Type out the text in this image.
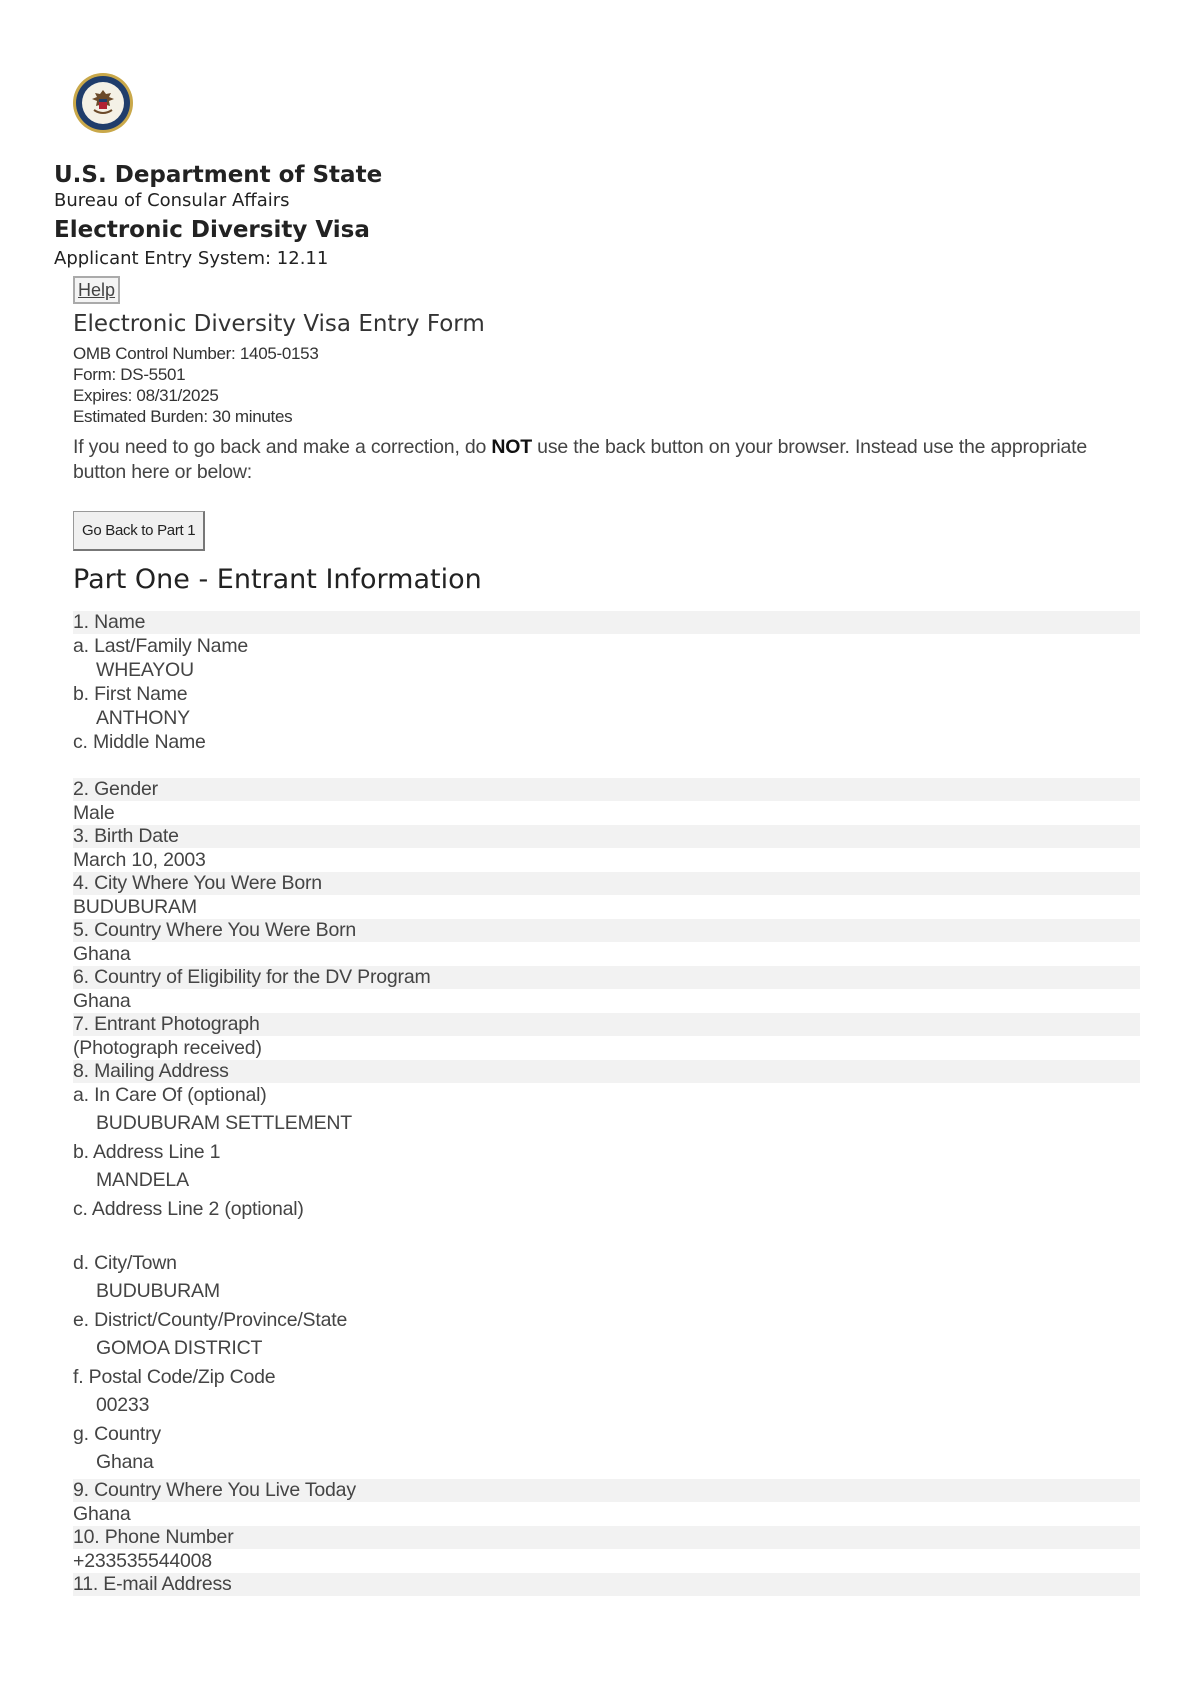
U.S. Department of State
Bureau of Consular Affairs
Electronic Diversity Visa
Applicant Entry System: 12.11
Help
Electronic Diversity Visa Entry Form
OMB Control Number: 1405-0153
Form: DS-5501
Expires: 08/31/2025
Estimated Burden: 30 minutes
If you need to go back and make a correction, do NOT use the back button on your browser. Instead use the appropriate button here or below:
Go Back to Part 1
Part One - Entrant Information
1. Name
a. Last/Family Name
WHEAYOU
b. First Name
ANTHONY
c. Middle Name
2. Gender
Male
3. Birth Date
March 10, 2003
4. City Where You Were Born
BUDUBURAM
5. Country Where You Were Born
Ghana
6. Country of Eligibility for the DV Program
Ghana
7. Entrant Photograph
(Photograph received)
8. Mailing Address
a. In Care Of (optional)
BUDUBURAM SETTLEMENT
b. Address Line 1
MANDELA
c. Address Line 2 (optional)
d. City/Town
BUDUBURAM
e. District/County/Province/State
GOMOA DISTRICT
f. Postal Code/Zip Code
00233
g. Country
Ghana
9. Country Where You Live Today
Ghana
10. Phone Number
+233535544008
11. E-mail Address
